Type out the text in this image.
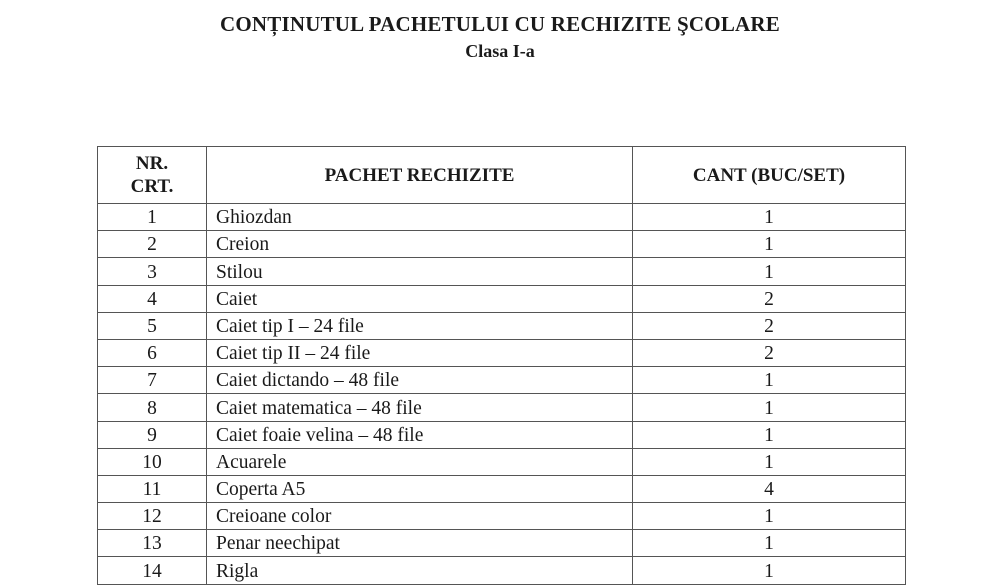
CONȚINUTUL PACHETULUI CU RECHIZITE ŞCOLARE
Clasa I-a
NR.
CRT.	PACHET RECHIZITE	CANT (BUC/SET)
1	Ghiozdan	1
2	Creion	1
3	Stilou	1
4	Caiet	2
5	Caiet tip I – 24 file	2
6	Caiet tip II – 24 file	2
7	Caiet dictando – 48 file	1
8	Caiet matematica – 48 file	1
9	Caiet foaie velina – 48 file	1
10	Acuarele	1
11	Coperta A5	4
12	Creioane color	1
13	Penar neechipat	1
14	Rigla	1
